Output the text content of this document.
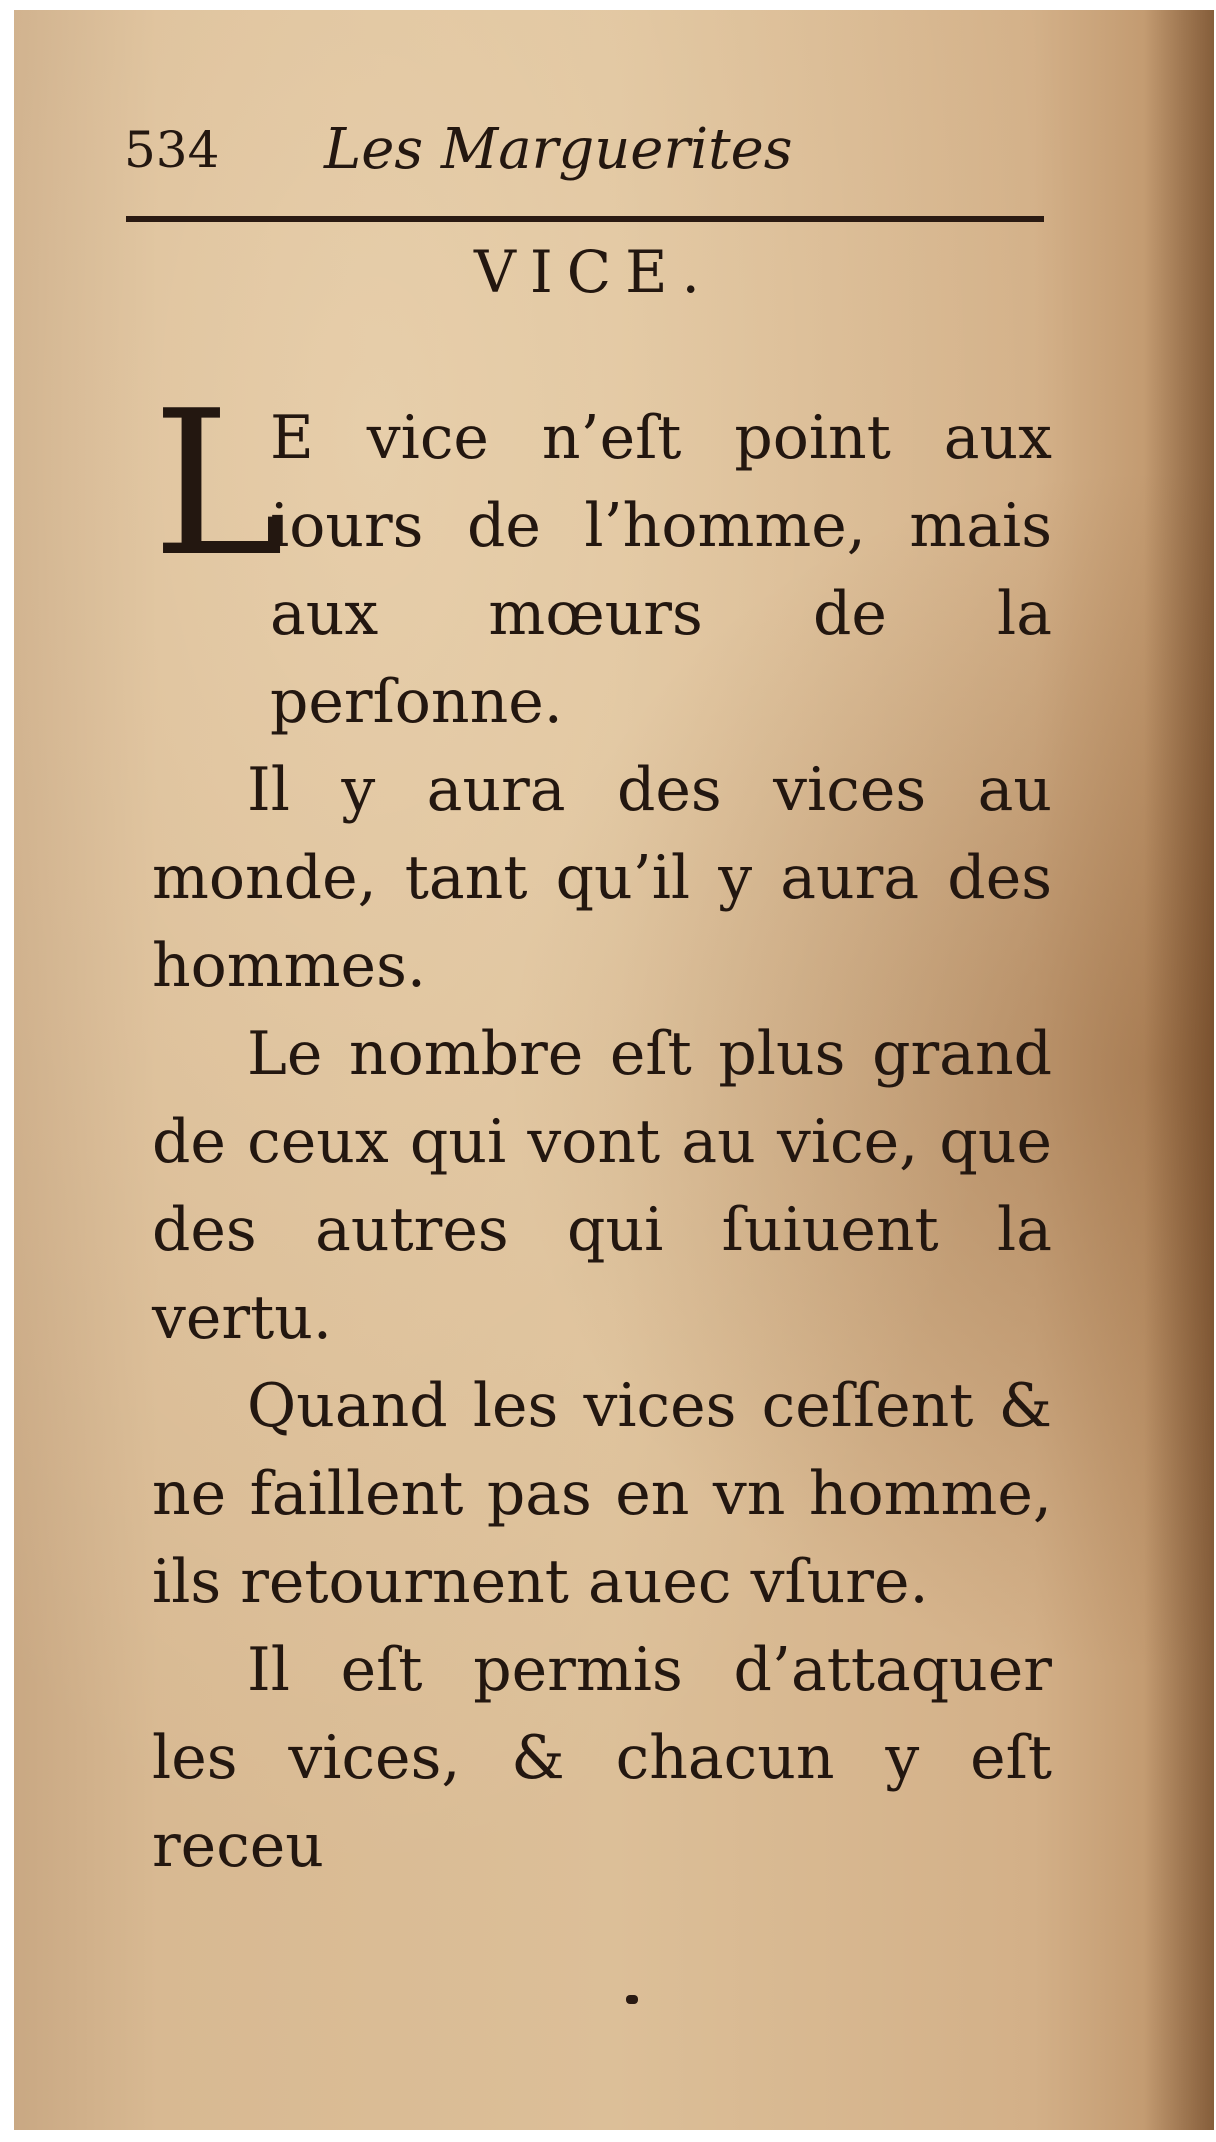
534 Les Marguerites
VICE.
L
E vice n’eſt point aux iours de l’homme, mais aux mœurs de la perſonne.

Il y aura des vices au monde, tant qu’il y aura des hommes.

Le nombre eſt plus grand de ceux qui vont au vice, que des autres qui ſuiuent la vertu.

Quand les vices ceſſent & ne faillent pas en vn homme, ils retournent auec vſure.

Il eſt permis d’attaquer les vices, & chacun y eſt receu
